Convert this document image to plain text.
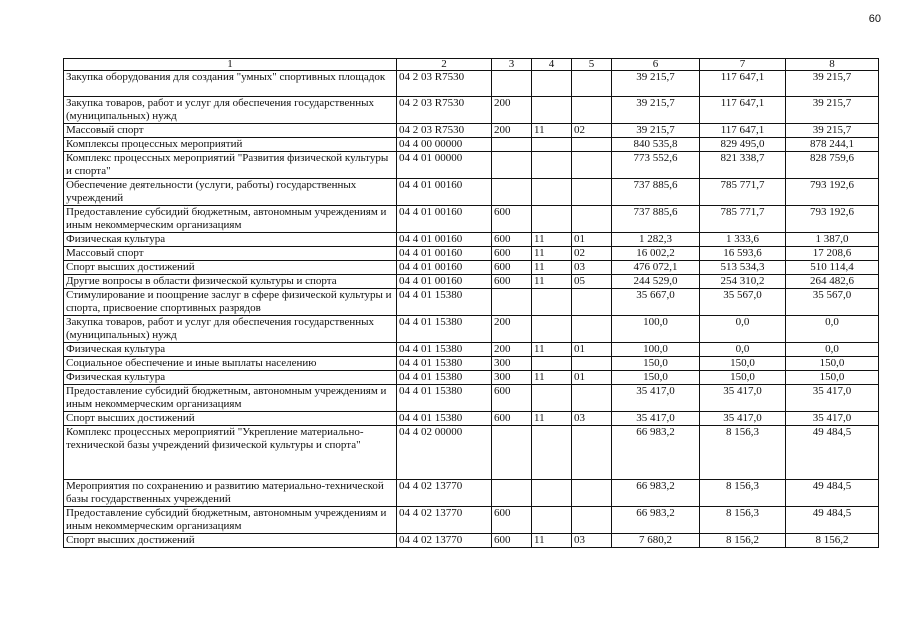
60
1	2	3	4	5	6	7	8
Закупка оборудования для создания "умных" спортивных площадок	04 2 03 R7530				39 215,7	117 647,1	39 215,7
Закупка товаров, работ и услуг для обеспечения государственных (муниципальных) нужд	04 2 03 R7530	200			39 215,7	117 647,1	39 215,7
Массовый спорт	04 2 03 R7530	200	11	02	39 215,7	117 647,1	39 215,7
Комплексы процессных мероприятий	04 4 00 00000				840 535,8	829 495,0	878 244,1
Комплекс процессных мероприятий "Развития физической культуры и спорта"	04 4 01 00000				773 552,6	821 338,7	828 759,6
Обеспечение деятельности (услуги, работы) государственных учреждений	04 4 01 00160				737 885,6	785 771,7	793 192,6
Предоставление субсидий бюджетным, автономным учреждениям и иным некоммерческим организациям	04 4 01 00160	600			737 885,6	785 771,7	793 192,6
Физическая культура	04 4 01 00160	600	11	01	1 282,3	1 333,6	1 387,0
Массовый спорт	04 4 01 00160	600	11	02	16 002,2	16 593,6	17 208,6
Спорт высших достижений	04 4 01 00160	600	11	03	476 072,1	513 534,3	510 114,4
Другие вопросы в области физической культуры и спорта	04 4 01 00160	600	11	05	244 529,0	254 310,2	264 482,6
Стимулирование и поощрение заслуг в сфере физической культуры и спорта, присвоение спортивных разрядов	04 4 01 15380				35 667,0	35 567,0	35 567,0
Закупка товаров, работ и услуг для обеспечения государственных (муниципальных) нужд	04 4 01 15380	200			100,0	0,0	0,0
Физическая культура	04 4 01 15380	200	11	01	100,0	0,0	0,0
Социальное обеспечение и иные выплаты населению	04 4 01 15380	300			150,0	150,0	150,0
Физическая культура	04 4 01 15380	300	11	01	150,0	150,0	150,0
Предоставление субсидий бюджетным, автономным учреждениям и иным некоммерческим организациям	04 4 01 15380	600			35 417,0	35 417,0	35 417,0
Спорт высших достижений	04 4 01 15380	600	11	03	35 417,0	35 417,0	35 417,0
Комплекс процессных мероприятий "Укрепление материально-технической базы учреждений физической культуры и спорта"	04 4 02 00000				66 983,2	8 156,3	49 484,5
Мероприятия по сохранению и развитию материально-технической базы государственных учреждений	04 4 02 13770				66 983,2	8 156,3	49 484,5
Предоставление субсидий бюджетным, автономным учреждениям и иным некоммерческим организациям	04 4 02 13770	600			66 983,2	8 156,3	49 484,5
Спорт высших достижений	04 4 02 13770	600	11	03	7 680,2	8 156,2	8 156,2
